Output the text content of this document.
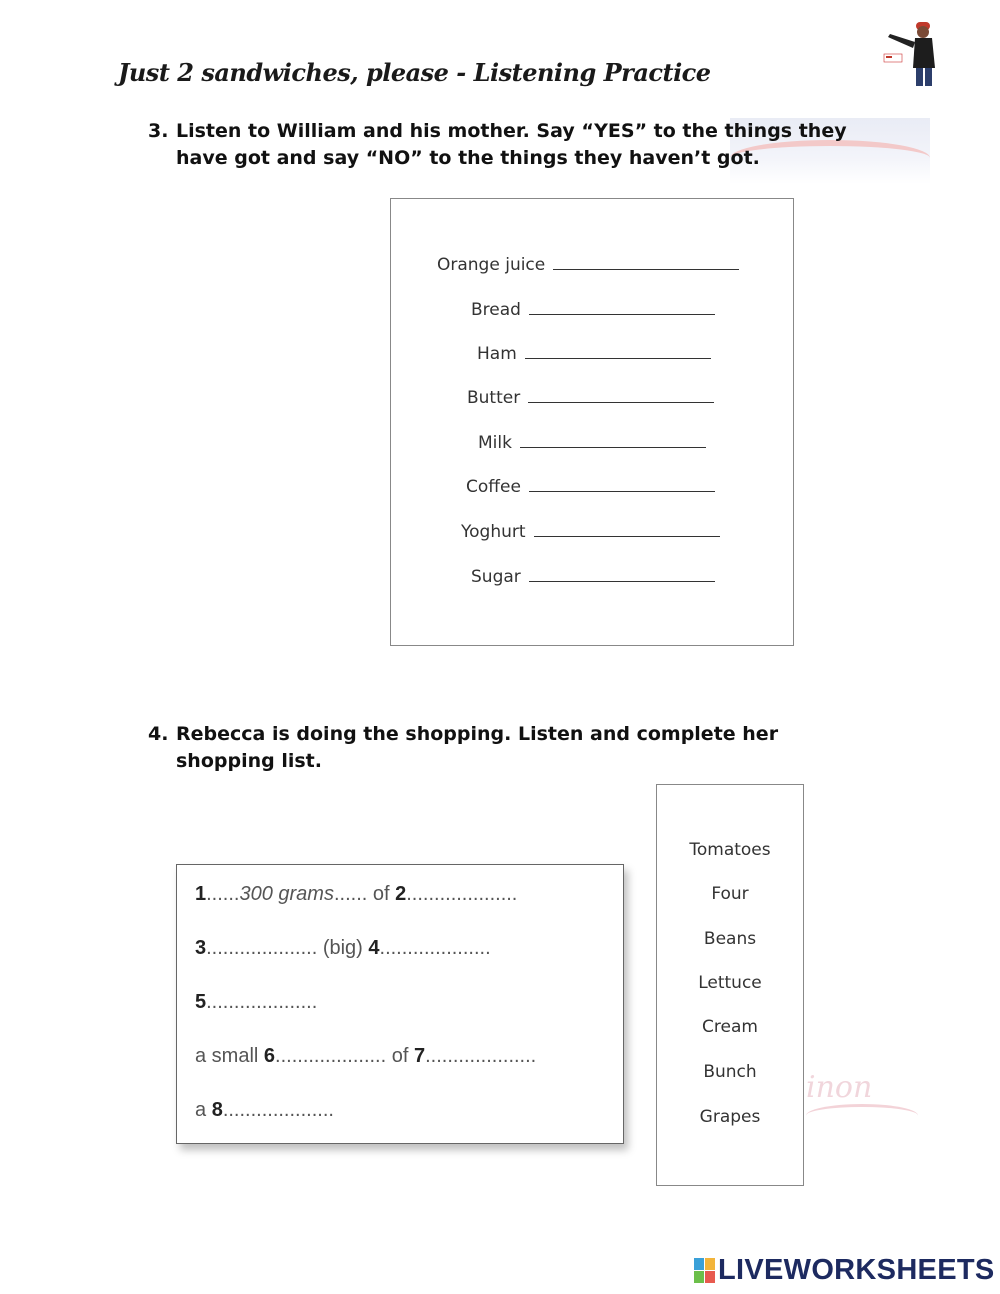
Just 2 sandwiches, please - Listening Practice
3. Listen to William and his mother. Say “YES” to the things they have got and say “NO” to the things they haven’t got.
Orange juice
Bread
Ham
Butter
Milk
Coffee
Yoghurt
Sugar
4. Rebecca is doing the shopping. Listen and complete her shopping list.
1......300 grams...... of 2....................
3.................... (big) 4....................
5....................
a small 6.................... of 7....................
a 8....................
inon
Tomatoes
Four
Beans
Lettuce
Cream
Bunch
Grapes
LIVEWORKSHEETS
